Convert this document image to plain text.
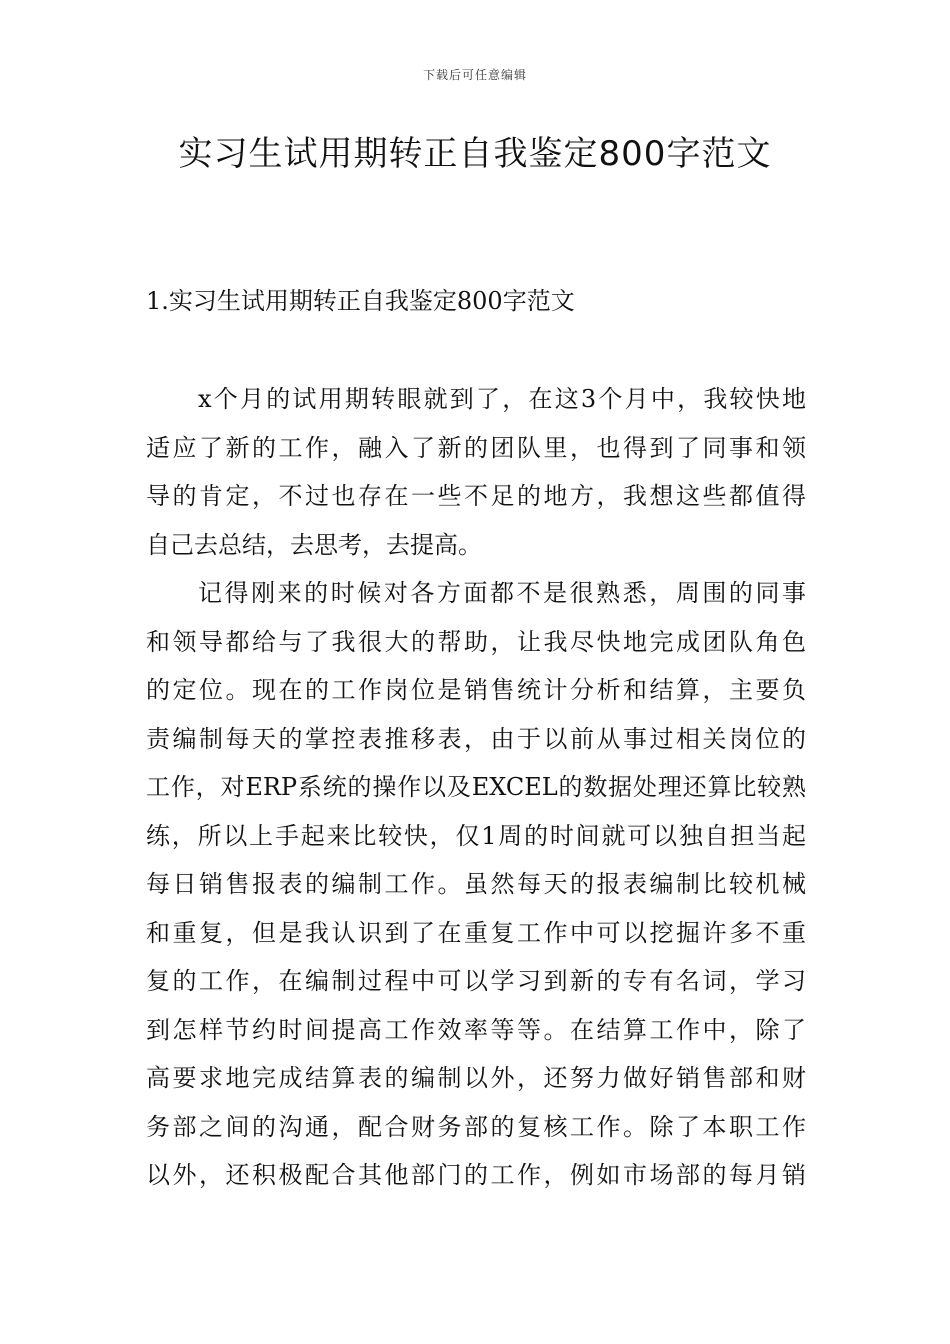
下载后可任意编辑
实习生试用期转正自我鉴定800字范文
1.实习生试用期转正自我鉴定800字范文
x个月的试用期转眼就到了，在这3个月中，我较快地
适应了新的工作，融入了新的团队里，也得到了同事和领
导的肯定，不过也存在一些不足的地方，我想这些都值得
自己去总结，去思考，去提高。
记得刚来的时候对各方面都不是很熟悉，周围的同事
和领导都给与了我很大的帮助，让我尽快地完成团队角色
的定位。现在的工作岗位是销售统计分析和结算，主要负
责编制每天的掌控表推移表，由于以前从事过相关岗位的
工作，对ERP系统的操作以及EXCEL的数据处理还算比较熟
练，所以上手起来比较快，仅1周的时间就可以独自担当起
每日销售报表的编制工作。虽然每天的报表编制比较机械
和重复，但是我认识到了在重复工作中可以挖掘许多不重
复的工作，在编制过程中可以学习到新的专有名词，学习
到怎样节约时间提高工作效率等等。在结算工作中，除了
高要求地完成结算表的编制以外，还努力做好销售部和财
务部之间的沟通，配合财务部的复核工作。除了本职工作
以外，还积极配合其他部门的工作，例如市场部的每月销
